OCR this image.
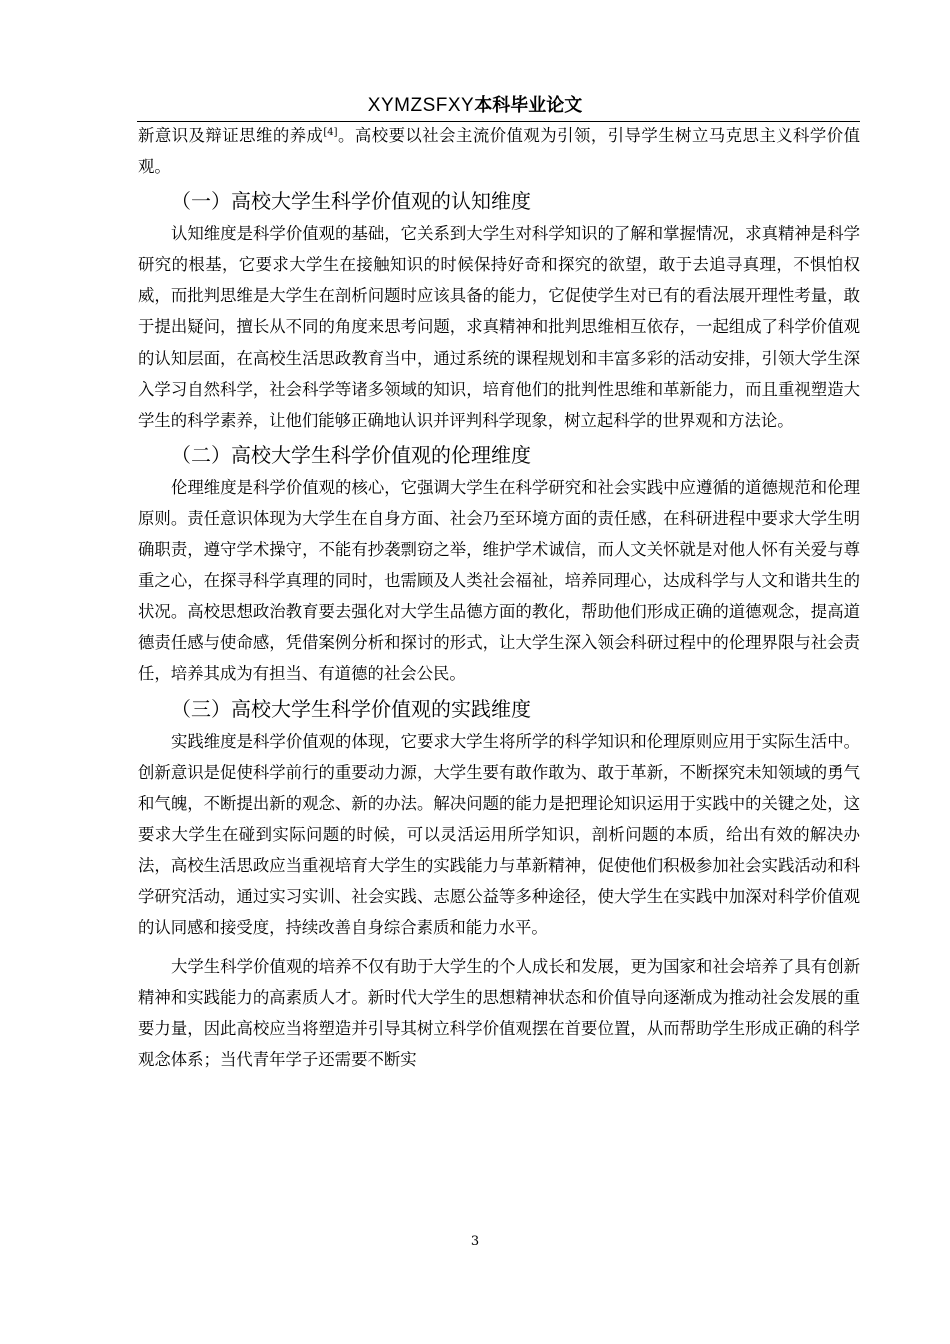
XYMZSFXY本科毕业论文

新意识及辩证思维的养成[4]。高校要以社会主流价值观为引领，引导学生树立马克思主义科学价值观。

（一）高校大学生科学价值观的认知维度

认知维度是科学价值观的基础，它关系到大学生对科学知识的了解和掌握情况，求真精神是科学研究的根基，它要求大学生在接触知识的时候保持好奇和探究的欲望，敢于去追寻真理，不惧怕权威，而批判思维是大学生在剖析问题时应该具备的能力，它促使学生对已有的看法展开理性考量，敢于提出疑问，擅长从不同的角度来思考问题，求真精神和批判思维相互依存，一起组成了科学价值观的认知层面，在高校生活思政教育当中，通过系统的课程规划和丰富多彩的活动安排，引领大学生深入学习自然科学，社会科学等诸多领域的知识，培育他们的批判性思维和革新能力，而且重视塑造大学生的科学素养，让他们能够正确地认识并评判科学现象，树立起科学的世界观和方法论。

（二）高校大学生科学价值观的伦理维度

伦理维度是科学价值观的核心，它强调大学生在科学研究和社会实践中应遵循的道德规范和伦理原则。责任意识体现为大学生在自身方面、社会乃至环境方面的责任感，在科研进程中要求大学生明确职责，遵守学术操守，不能有抄袭剽窃之举，维护学术诚信，而人文关怀就是对他人怀有关爱与尊重之心，在探寻科学真理的同时，也需顾及人类社会福祉，培养同理心，达成科学与人文和谐共生的状况。高校思想政治教育要去强化对大学生品德方面的教化，帮助他们形成正确的道德观念，提高道德责任感与使命感，凭借案例分析和探讨的形式，让大学生深入领会科研过程中的伦理界限与社会责任，培养其成为有担当、有道德的社会公民。

（三）高校大学生科学价值观的实践维度

实践维度是科学价值观的体现，它要求大学生将所学的科学知识和伦理原则应用于实际生活中。创新意识是促使科学前行的重要动力源，大学生要有敢作敢为、敢于革新，不断探究未知领域的勇气和气魄，不断提出新的观念、新的办法。解决问题的能力是把理论知识运用于实践中的关键之处，这要求大学生在碰到实际问题的时候，可以灵活运用所学知识，剖析问题的本质，给出有效的解决办法，高校生活思政应当重视培育大学生的实践能力与革新精神，促使他们积极参加社会实践活动和科学研究活动，通过实习实训、社会实践、志愿公益等多种途径，使大学生在实践中加深对科学价值观的认同感和接受度，持续改善自身综合素质和能力水平。

大学生科学价值观的培养不仅有助于大学生的个人成长和发展，更为国家和社会培养了具有创新精神和实践能力的高素质人才。新时代大学生的思想精神状态和价值导向逐渐成为推动社会发展的重要力量，因此高校应当将塑造并引导其树立科学价值观摆在首要位置，从而帮助学生形成正确的科学观念体系；当代青年学子还需要不断实

3
